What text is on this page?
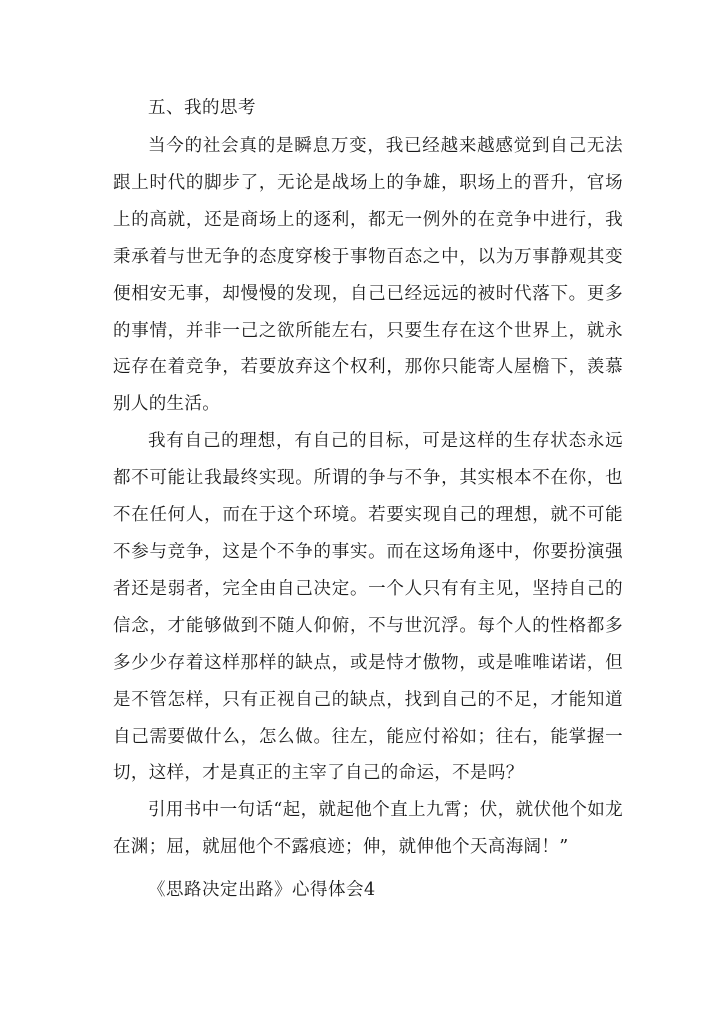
五、我的思考

当今的社会真的是瞬息万变，我已经越来越感觉到自己无法跟上时代的脚步了，无论是战场上的争雄，职场上的晋升，官场上的高就，还是商场上的逐利，都无一例外的在竞争中进行，我秉承着与世无争的态度穿梭于事物百态之中，以为万事静观其变便相安无事，却慢慢的发现，自己已经远远的被时代落下。更多的事情，并非一己之欲所能左右，只要生存在这个世界上，就永远存在着竞争，若要放弃这个权利，那你只能寄人屋檐下，羡慕别人的生活。

我有自己的理想，有自己的目标，可是这样的生存状态永远都不可能让我最终实现。所谓的争与不争，其实根本不在你，也不在任何人，而在于这个环境。若要实现自己的理想，就不可能不参与竞争，这是个不争的事实。而在这场角逐中，你要扮演强者还是弱者，完全由自己决定。一个人只有有主见，坚持自己的信念，才能够做到不随人仰俯，不与世沉浮。每个人的性格都多多少少存着这样那样的缺点，或是恃才傲物，或是唯唯诺诺，但是不管怎样，只有正视自己的缺点，找到自己的不足，才能知道自己需要做什么，怎么做。往左，能应付裕如；往右，能掌握一切，这样，才是真正的主宰了自己的命运，不是吗？

引用书中一句话“起，就起他个直上九霄；伏，就伏他个如龙在渊；屈，就屈他个不露痕迹；伸，就伸他个天高海阔！”

《思路决定出路》心得体会4
